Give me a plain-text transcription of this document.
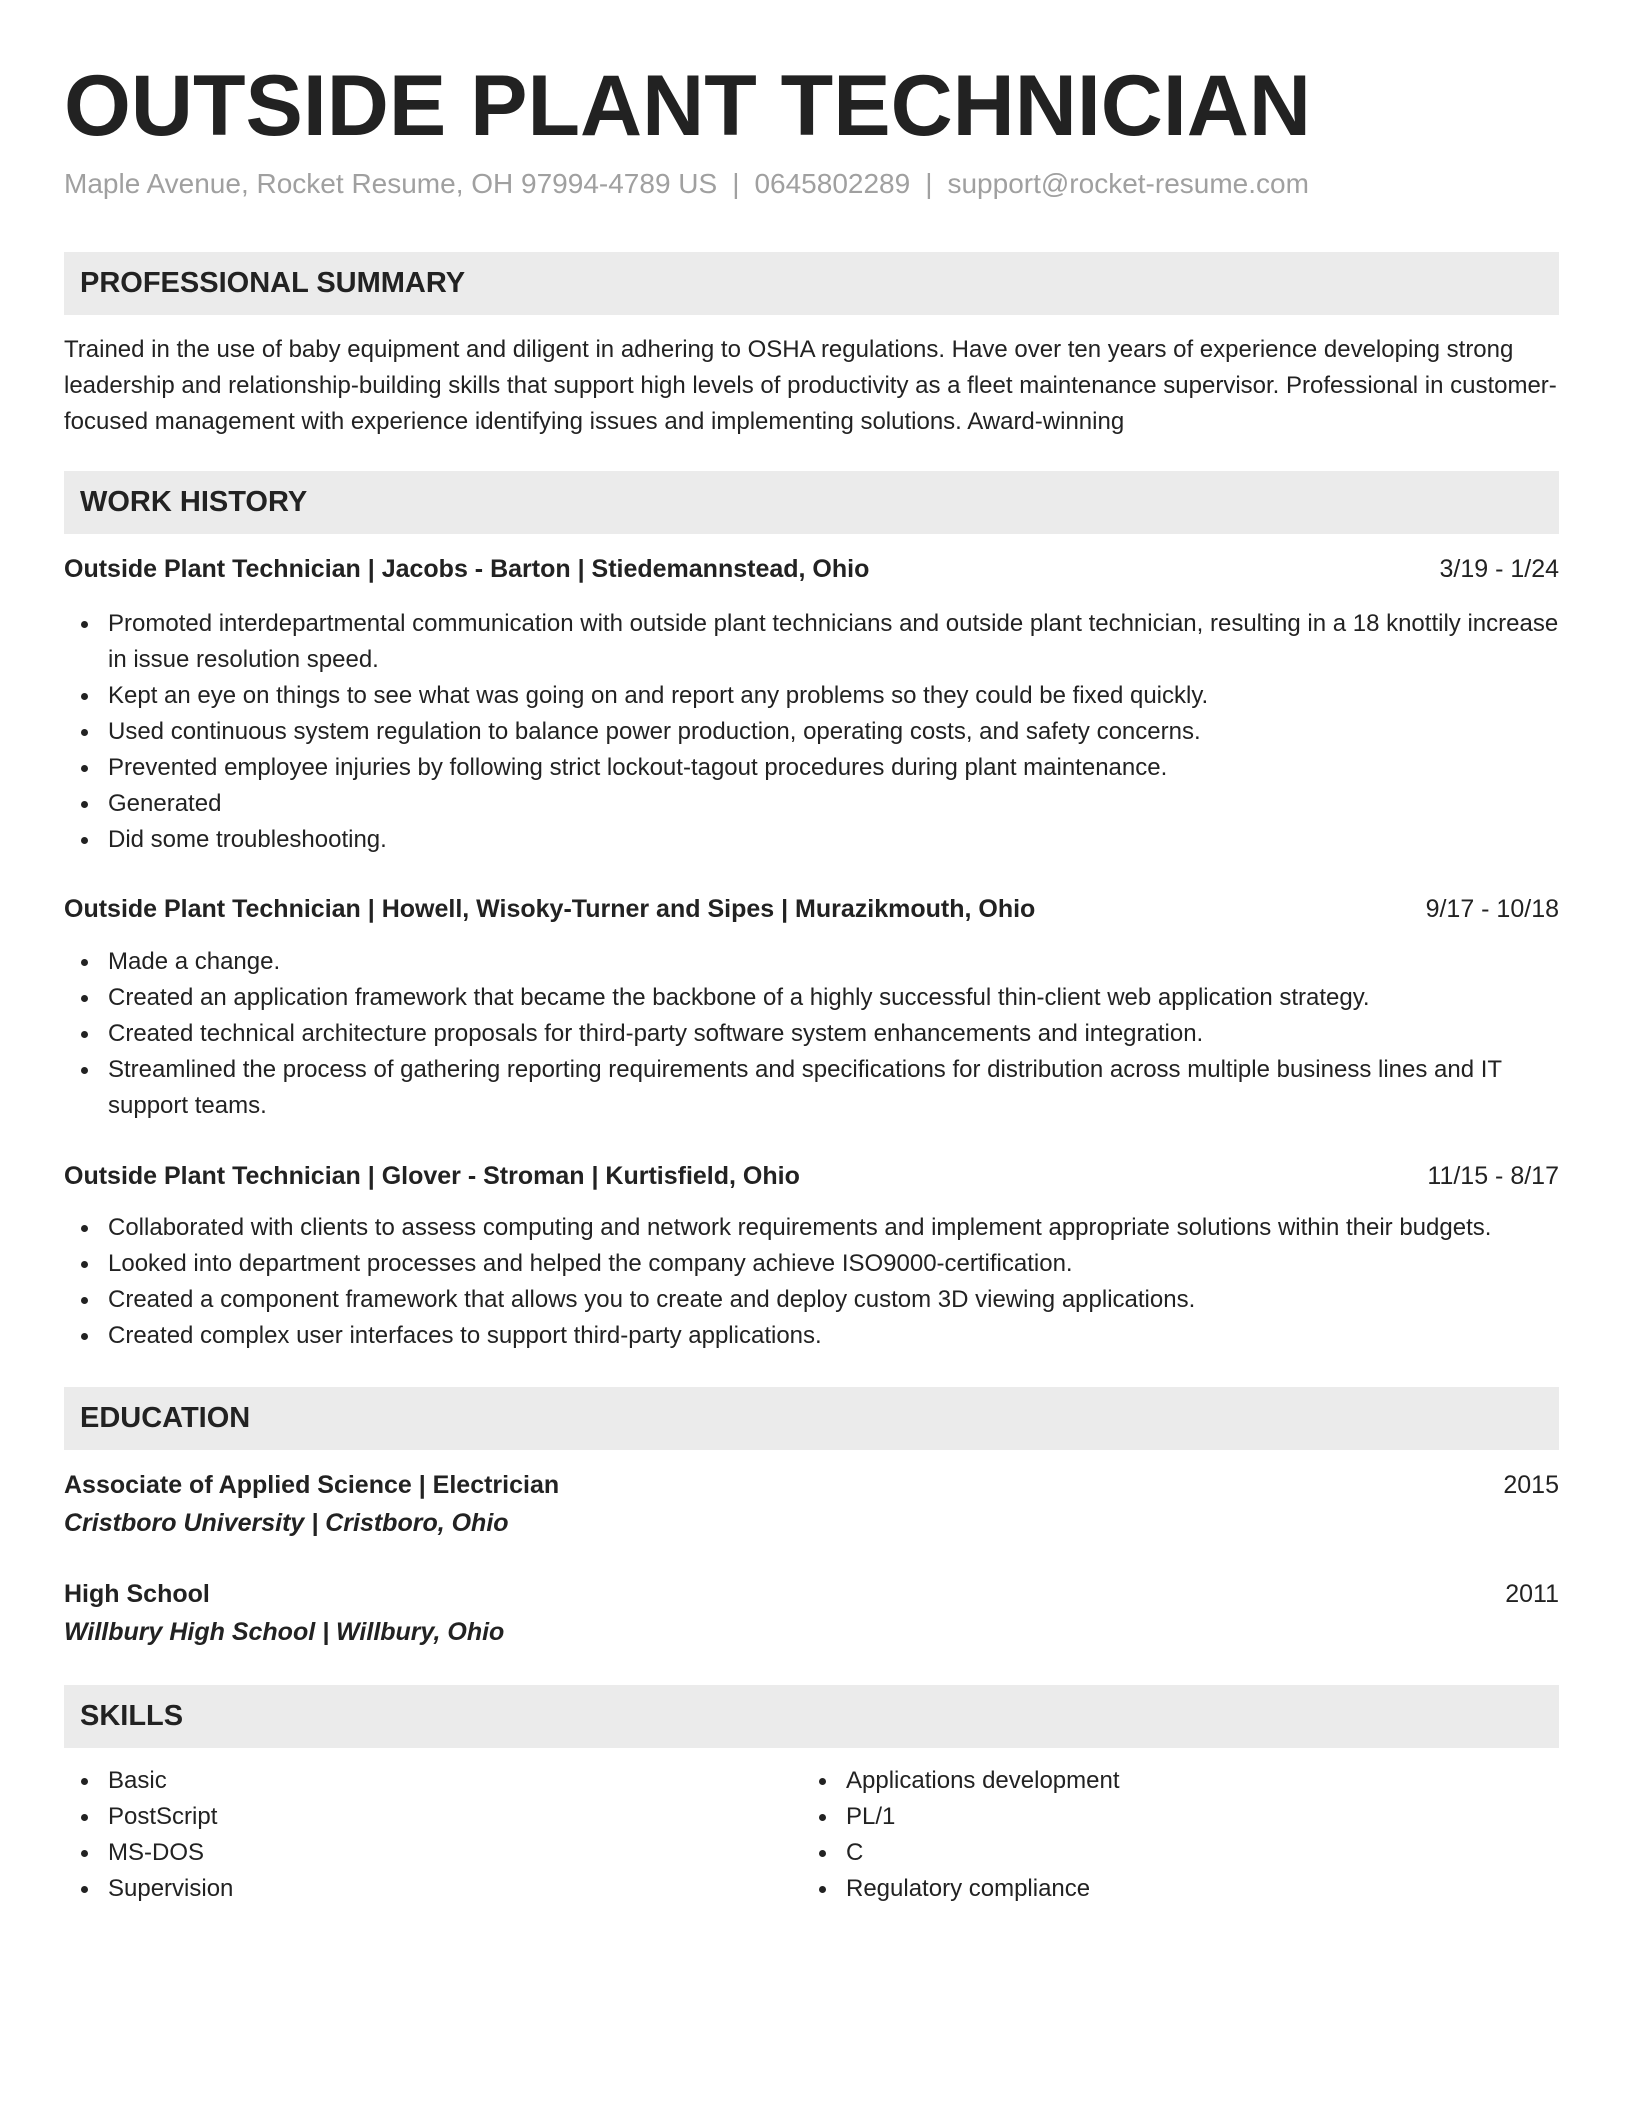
OUTSIDE PLANT TECHNICIAN
Maple Avenue, Rocket Resume, OH 97994-4789 US | 0645802289 | support@rocket-resume.com
PROFESSIONAL SUMMARY

Trained in the use of baby equipment and diligent in adhering to OSHA regulations. Have over ten years of experience developing strong leadership and relationship-building skills that support high levels of productivity as a fleet maintenance supervisor. Professional in customer-focused management with experience identifying issues and implementing solutions. Award-winning

WORK HISTORY
Outside Plant Technician | Jacobs - Barton | Stiedemannstead, Ohio	3/19 - 1/24
Promoted interdepartmental communication with outside plant technicians and outside plant technician, resulting in a 18 knottily increase in issue resolution speed.
Kept an eye on things to see what was going on and report any problems so they could be fixed quickly.
Used continuous system regulation to balance power production, operating costs, and safety concerns.
Prevented employee injuries by following strict lockout-tagout procedures during plant maintenance.
Generated
Did some troubleshooting.
Outside Plant Technician | Howell, Wisoky-Turner and Sipes | Murazikmouth, Ohio	9/17 - 10/18
Made a change.
Created an application framework that became the backbone of a highly successful thin-client web application strategy.
Created technical architecture proposals for third-party software system enhancements and integration.
Streamlined the process of gathering reporting requirements and specifications for distribution across multiple business lines and IT support teams.
Outside Plant Technician | Glover - Stroman | Kurtisfield, Ohio	11/15 - 8/17
Collaborated with clients to assess computing and network requirements and implement appropriate solutions within their budgets.
Looked into department processes and helped the company achieve ISO9000-certification.
Created a component framework that allows you to create and deploy custom 3D viewing applications.
Created complex user interfaces to support third-party applications.
EDUCATION
Associate of Applied Science | Electrician	2015
Cristboro University | Cristboro, Ohio
High School	2011
Willbury High School | Willbury, Ohio
SKILLS
Basic
PostScript
MS-DOS
Supervision
Applications development
PL/1
C
Regulatory compliance
